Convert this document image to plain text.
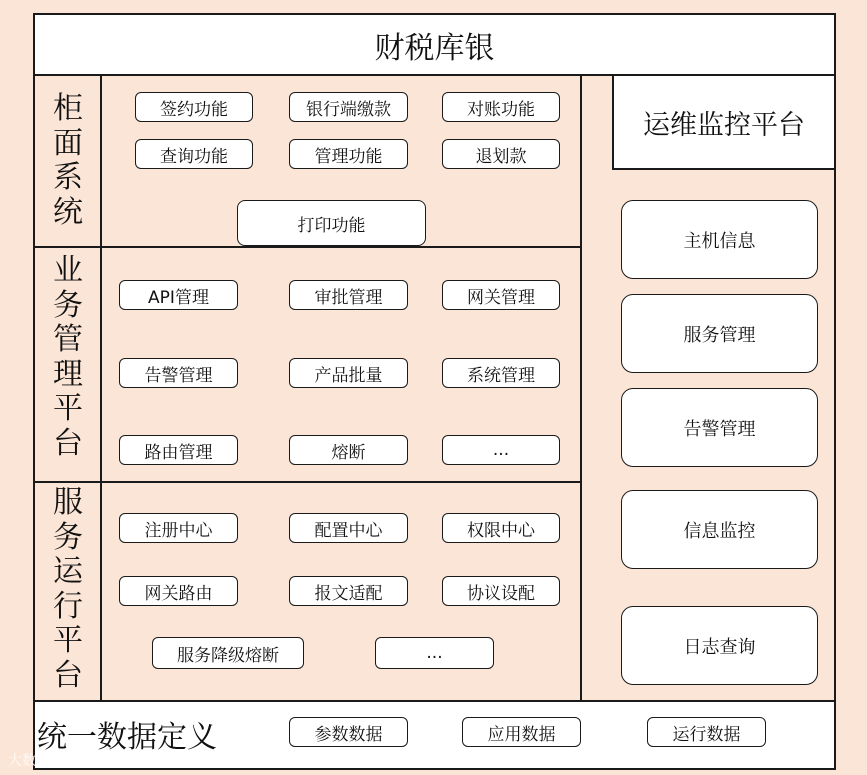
财税库银
柜
面
系
统
业
务
管
理
平
台
服
务
运
行
平
台
签约功能	银行端缴款	对账功能
查询功能	管理功能	退划款
打印功能
API管理	审批管理	网关管理
告警管理	产品批量	系统管理
路由管理	熔断	...
注册中心	配置中心	权限中心
网关路由	报文适配	协议设配
服务降级熔断	...
运维监控平台
主机信息
服务管理
告警管理
信息监控
日志查询
统一数据定义	参数数据	应用数据	运行数据
大数据库
